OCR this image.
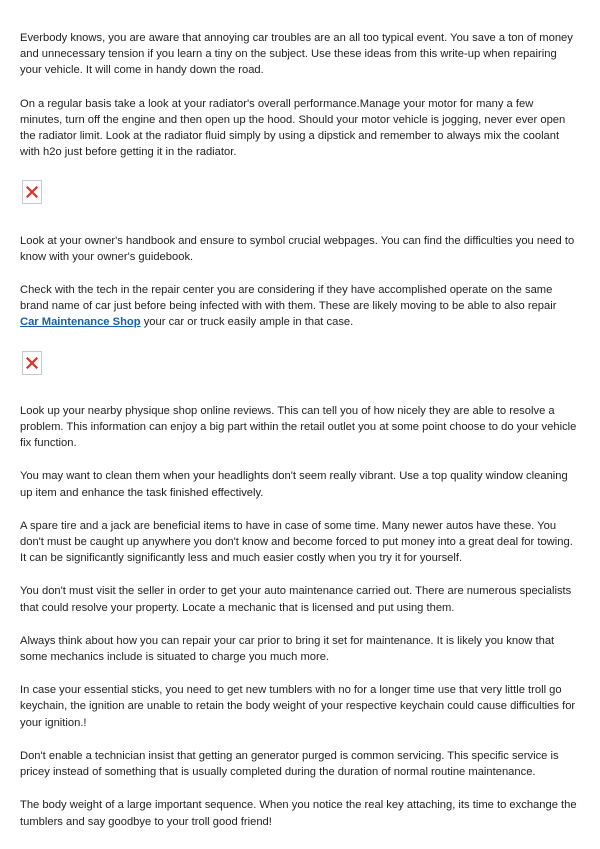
Everbody knows, you are aware that annoying car troubles are an all too typical event. You save a ton of money and unnecessary tension if you learn a tiny on the subject. Use these ideas from this write-up when repairing your vehicle. It will come in handy down the road.

On a regular basis take a look at your radiator's overall performance.Manage your motor for many a few minutes, turn off the engine and then open up the hood. Should your motor vehicle is jogging, never ever open the radiator limit. Look at the radiator fluid simply by using a dipstick and remember to always mix the coolant with h2o just before getting it in the radiator.

Look at your owner's handbook and ensure to symbol crucial webpages. You can find the difficulties you need to know with your owner's guidebook.

Check with the tech in the repair center you are considering if they have accomplished operate on the same brand name of car just before being infected with with them. These are likely moving to be able to also repair Car Maintenance Shop your car or truck easily ample in that case.

Look up your nearby physique shop online reviews. This can tell you of how nicely they are able to resolve a problem. This information can enjoy a big part within the retail outlet you at some point choose to do your vehicle fix function.

You may want to clean them when your headlights don't seem really vibrant. Use a top quality window cleaning up item and enhance the task finished effectively.

A spare tire and a jack are beneficial items to have in case of some time. Many newer autos have these. You don't must be caught up anywhere you don't know and become forced to put money into a great deal for towing. It can be significantly significantly less and much easier costly when you try it for yourself.

You don't must visit the seller in order to get your auto maintenance carried out. There are numerous specialists that could resolve your property. Locate a mechanic that is licensed and put using them.

Always think about how you can repair your car prior to bring it set for maintenance. It is likely you know that some mechanics include is situated to charge you much more.

In case your essential sticks, you need to get new tumblers with no for a longer time use that very little troll go keychain, the ignition are unable to retain the body weight of your respective keychain could cause difficulties for your ignition.!

Don't enable a technician insist that getting an generator purged is common servicing. This specific service is pricey instead of something that is usually completed during the duration of normal routine maintenance.

The body weight of a large important sequence. When you notice the real key attaching, its time to exchange the tumblers and say goodbye to your troll good friend!
